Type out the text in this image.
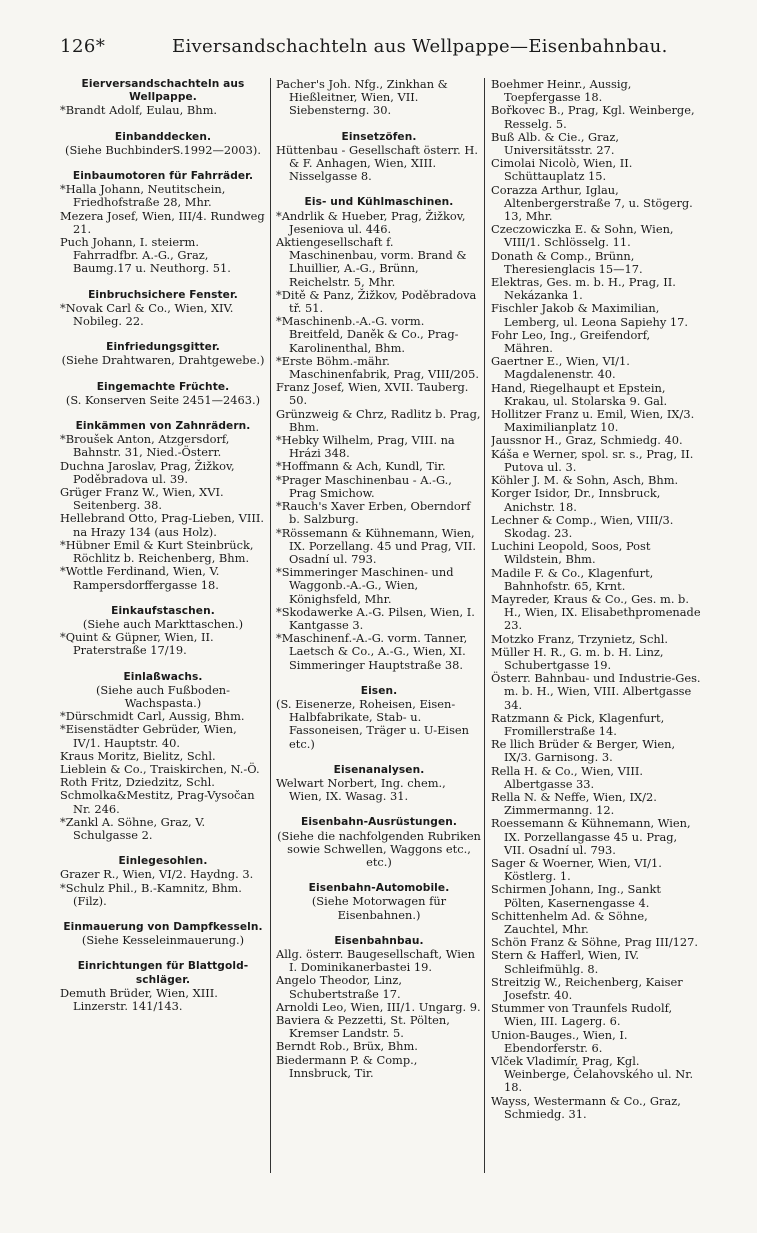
126*	Eiversandschachteln aus Wellpappe—Eisenbahnbau.
Eierversandschachteln aus
Wellpappe.
*Brandt Adolf, Eulau, Bhm.
Einbanddecken.
(Siehe BuchbinderS.1992—2003).
Einbaumotoren für Fahrräder.
*Halla Johann, Neutitschein, Friedhofstraße 28, Mhr.
Mezera Josef, Wien, III/4. Rundweg 21.
Puch Johann, I. steierm. Fahrradfbr. A.-G., Graz, Baumg.17 u. Neuthorg. 51.
Einbruchsichere Fenster.
*Novak Carl & Co., Wien, XIV. Nobileg. 22.
Einfriedungsgitter.
(Siehe Drahtwaren, Drahtgewebe.)
Eingemachte Früchte.
(S. Konserven Seite 2451—2463.)
Einkämmen von Zahnrädern.
*Broušek Anton, Atzgersdorf, Bahnstr. 31, Nied.-Österr.
Duchna Jaroslav, Prag, Žižkov, Poděbradova ul. 39.
Grüger Franz W., Wien, XVI. Seitenberg. 38.
Hellebrand Otto, Prag-Lieben, VIII. na Hrazy 134 (aus Holz).
*Hübner Emil & Kurt Steinbrück, Röchlitz b. Reichenberg, Bhm.
*Wottle Ferdinand, Wien, V. Rampersdorffergasse 18.
Einkaufstaschen.
(Siehe auch Markttaschen.)
*Quint & Güpner, Wien, II. Praterstraße 17/19.
Einlaßwachs.
(Siehe auch Fußboden-Wachspasta.)
*Dürschmidt Carl, Aussig, Bhm.
*Eisenstädter Gebrüder, Wien, IV/1. Hauptstr. 40.
Kraus Moritz, Bielitz, Schl.
Lieblein & Co., Traiskirchen, N.-Ö.
Roth Fritz, Dziedzitz, Schl.
Schmolka&Mestitz, Prag-Vysočan Nr. 246.
*Zankl A. Söhne, Graz, V. Schulgasse 2.
Einlegesohlen.
Grazer R., Wien, VI/2. Haydng. 3.
*Schulz Phil., B.-Kamnitz, Bhm. (Filz).
Einmauerung von Dampfkesseln.
(Siehe Kesseleinmauerung.)
Einrichtungen für Blattgold-
schläger.
Demuth Brüder, Wien, XIII. Linzerstr. 141/143.
Pacher's Joh. Nfg., Zinkhan & Hießleitner, Wien, VII. Siebensterng. 30.
Einsetzöfen.
Hüttenbau - Gesellschaft österr. H. & F. Anhagen, Wien, XIII. Nisselgasse 8.
Eis- und Kühlmaschinen.
*Andrlik & Hueber, Prag, Žižkov, Jeseniova ul. 446.
Aktiengesellschaft f. Maschinenbau, vorm. Brand & Lhuillier, A.-G., Brünn, Reichelstr. 5, Mhr.
*Ditě & Panz, Žižkov, Poděbradova tř. 51.
*Maschinenb.-A.-G. vorm. Breitfeld, Daněk & Co., Prag-Karolinenthal, Bhm.
*Erste Böhm.-mähr. Maschinenfabrik, Prag, VIII/205.
Franz Josef, Wien, XVII. Tauberg. 50.
Grünzweig & Chrz, Radlitz b. Prag, Bhm.
*Hebky Wilhelm, Prag, VIII. na Hrázi 348.
*Hoffmann & Ach, Kundl, Tir.
*Prager Maschinenbau - A.-G., Prag Smichow.
*Rauch's Xaver Erben, Oberndorf b. Salzburg.
*Rössemann & Kühnemann, Wien, IX. Porzellang. 45 und Prag, VII. Osadní ul. 793.
*Simmeringer Maschinen- und Waggonb.-A.-G., Wien, Könighsfeld, Mhr.
*Skodawerke A.-G. Pilsen, Wien, I. Kantgasse 3.
*Maschinenf.-A.-G. vorm. Tanner, Laetsch & Co., A.-G., Wien, XI. Simmeringer Hauptstraße 38.
Eisen.
(S. Eisenerze, Roheisen, Eisen-Halbfabrikate, Stab- u. Fassoneisen, Träger u. U-Eisen etc.)
Eisenanalysen.
Welwart Norbert, Ing. chem., Wien, IX. Wasag. 31.
Eisenbahn-Ausrüstungen.
(Siehe die nachfolgenden Rubriken sowie Schwellen, Waggons etc., etc.)
Eisenbahn-Automobile.
(Siehe Motorwagen für Eisenbahnen.)
Eisenbahnbau.
Allg. österr. Baugesellschaft, Wien I. Dominikanerbastei 19.
Angelo Theodor, Linz, Schubertstraße 17.
Arnoldi Leo, Wien, III/1. Ungarg. 9.
Baviera & Pezzetti, St. Pölten, Kremser Landstr. 5.
Berndt Rob., Brüx, Bhm.
Biedermann P. & Comp., Innsbruck, Tir.
Boehmer Heinr., Aussig, Toepfergasse 18.
Bořkovec B., Prag, Kgl. Weinberge, Resselg. 5.
Buß Alb. & Cie., Graz, Universitätsstr. 27.
Cimolai Nicolò, Wien, II. Schüttauplatz 15.
Corazza Arthur, Iglau, Altenbergerstraße 7, u. Stögerg. 13, Mhr.
Czeczowiczka E. & Sohn, Wien, VIII/1. Schlösselg. 11.
Donath & Comp., Brünn, Theresienglacis 15—17.
Elektras, Ges. m. b. H., Prag, II. Nekázanka 1.
Fischler Jakob & Maximilian, Lemberg, ul. Leona Sapiehy 17.
Fohr Leo, Ing., Greifendorf, Mähren.
Gaertner E., Wien, VI/1. Magdalenenstr. 40.
Hand, Riegelhaupt et Epstein, Krakau, ul. Stolarska 9. Gal.
Hollitzer Franz u. Emil, Wien, IX/3. Maximilianplatz 10.
Jaussnor H., Graz, Schmiedg. 40.
Káša e Werner, spol. sr. s., Prag, II. Putova ul. 3.
Köhler J. M. & Sohn, Asch, Bhm.
Korger Isidor, Dr., Innsbruck, Anichstr. 18.
Lechner & Comp., Wien, VIII/3. Skodag. 23.
Luchini Leopold, Soos, Post Wildstein, Bhm.
Madile F. & Co., Klagenfurt, Bahnhofstr. 65, Krnt.
Mayreder, Kraus & Co., Ges. m. b. H., Wien, IX. Elisabethpromenade 23.
Motzko Franz, Trzynietz, Schl.
Müller H. R., G. m. b. H. Linz, Schubertgasse 19.
Österr. Bahnbau- und Industrie-Ges. m. b. H., Wien, VIII. Albertgasse 34.
Ratzmann & Pick, Klagenfurt, Fromillerstraße 14.
Re llich Brüder & Berger, Wien, IX/3. Garnisong. 3.
Rella H. & Co., Wien, VIII. Albertgasse 33.
Rella N. & Neffe, Wien, IX/2. Zimmermanng. 12.
Roessemann & Kühnemann, Wien, IX. Porzellangasse 45 u. Prag, VII. Osadní ul. 793.
Sager & Woerner, Wien, VI/1. Köstlerg. 1.
Schirmen Johann, Ing., Sankt Pölten, Kasernengasse 4.
Schittenhelm Ad. & Söhne, Zauchtel, Mhr.
Schön Franz & Söhne, Prag III/127.
Stern & Hafferl, Wien, IV. Schleifmühlg. 8.
Streitzig W., Reichenberg, Kaiser Josefstr. 40.
Stummer von Traunfels Rudolf, Wien, III. Lagerg. 6.
Union-Bauges., Wien, I. Ebendorferstr. 6.
Vlček Vladimír, Prag, Kgl. Weinberge, Čelahovského ul. Nr. 18.
Wayss, Westermann & Co., Graz, Schmiedg. 31.
